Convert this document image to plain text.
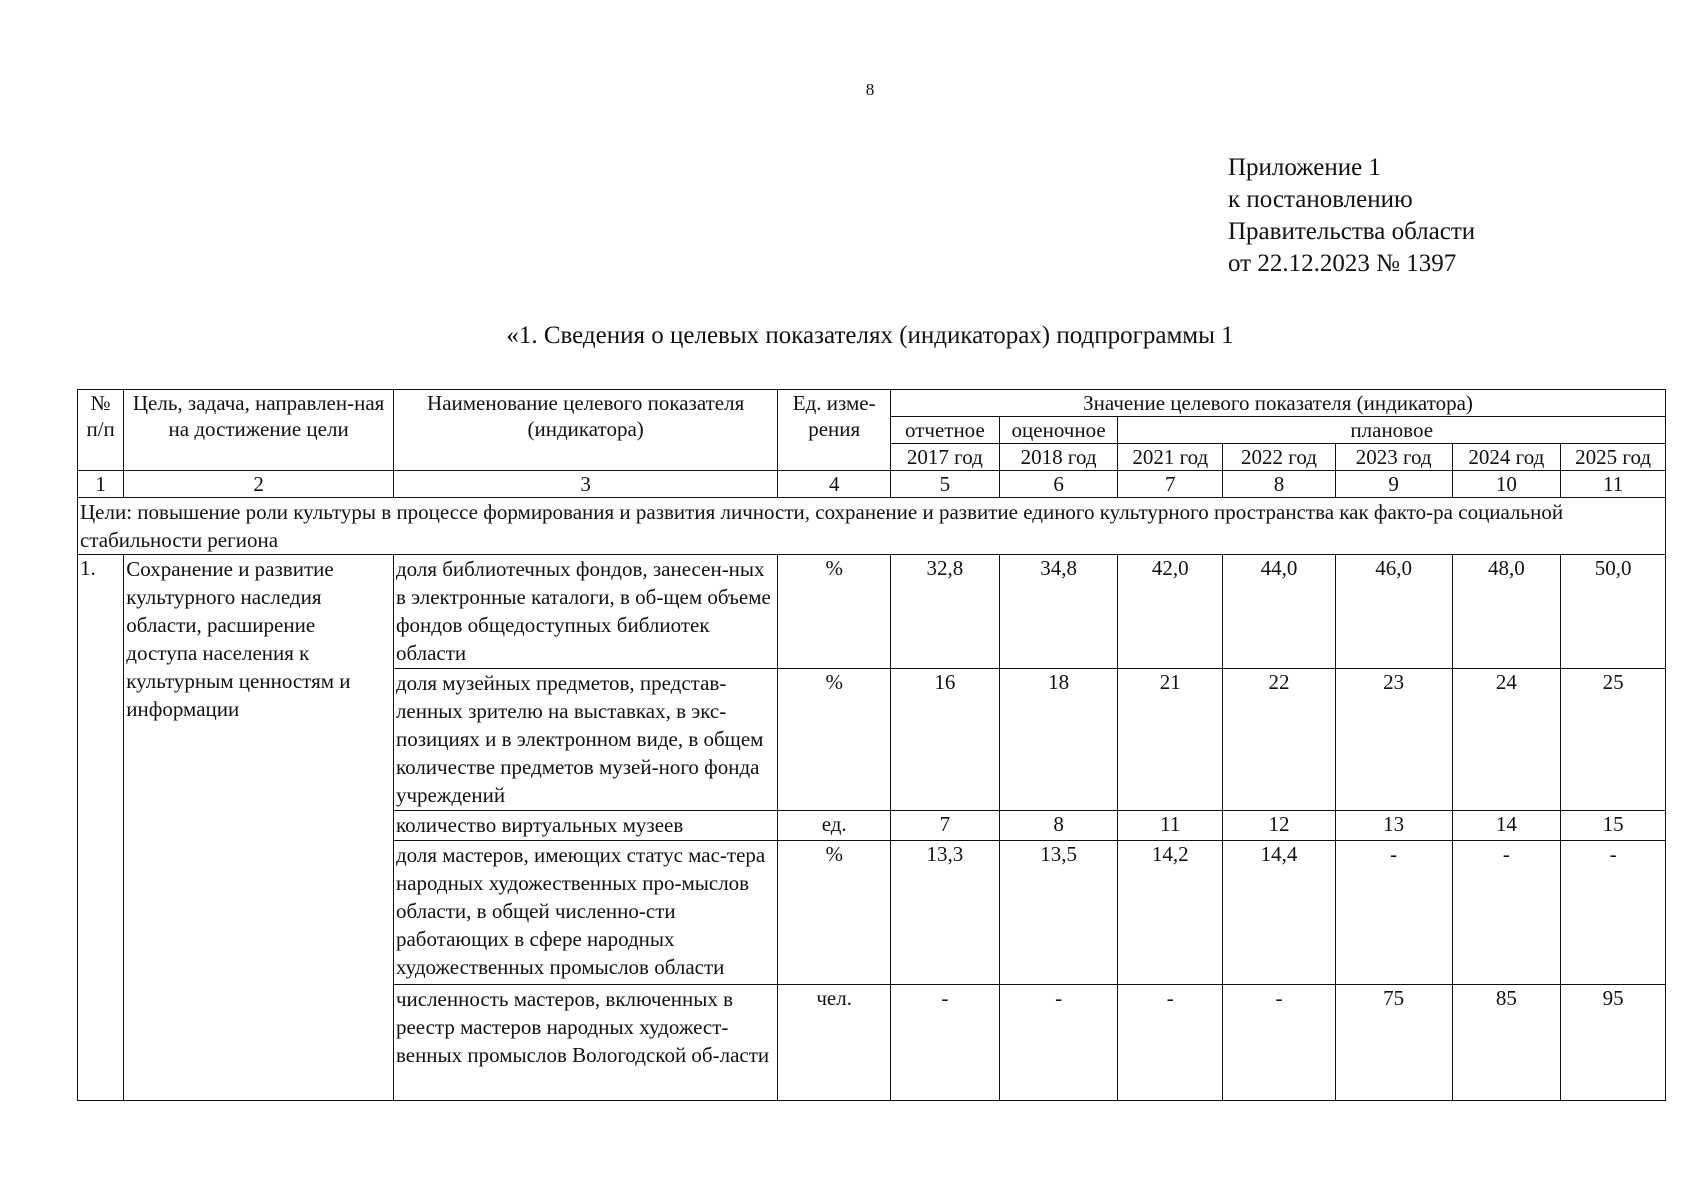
8
Приложение 1
к постановлению
Правительства области
от 22.12.2023 № 1397
«1. Сведения о целевых показателях (индикаторах) подпрограммы 1
№ п/п	Цель, задача, направлен-ная на достижение цели	Наименование целевого показателя (индикатора)	Ед. изме-рения	Значение целевого показателя (индикатора)						
				отчетное	оценочное	плановое				
				2017 год	2018 год	2021 год	2022 год	2023 год	2024 год	2025 год
1	2	3	4	5	6	7	8	9	10	11
Цели: повышение роли культуры в процессе формирования и развития личности, сохранение и развитие единого культурного пространства как факто-ра социальной стабильности региона										
1.	Сохранение и развитие культурного наследия области, расширение доступа населения к культурным ценностям и информации	доля библиотечных фондов, занесен-ных в электронные каталоги, в об-щем объеме фондов общедоступных библиотек области	%	32,8	34,8	42,0	44,0	46,0	48,0	50,0
		доля музейных предметов, представ-ленных зрителю на выставках, в экс-позициях и в электронном виде, в общем количестве предметов музей-ного фонда учреждений	%	16	18	21	22	23	24	25
		количество виртуальных музеев	ед.	7	8	11	12	13	14	15
		доля мастеров, имеющих статус мас-тера народных художественных про-мыслов области, в общей численно-сти работающих в сфере народных художественных промыслов области	%	13,3	13,5	14,2	14,4	-	-	-
		численность мастеров, включенных в реестр мастеров народных художест-венных промыслов Вологодской об-ласти	чел.	-	-	-	-	75	85	95
